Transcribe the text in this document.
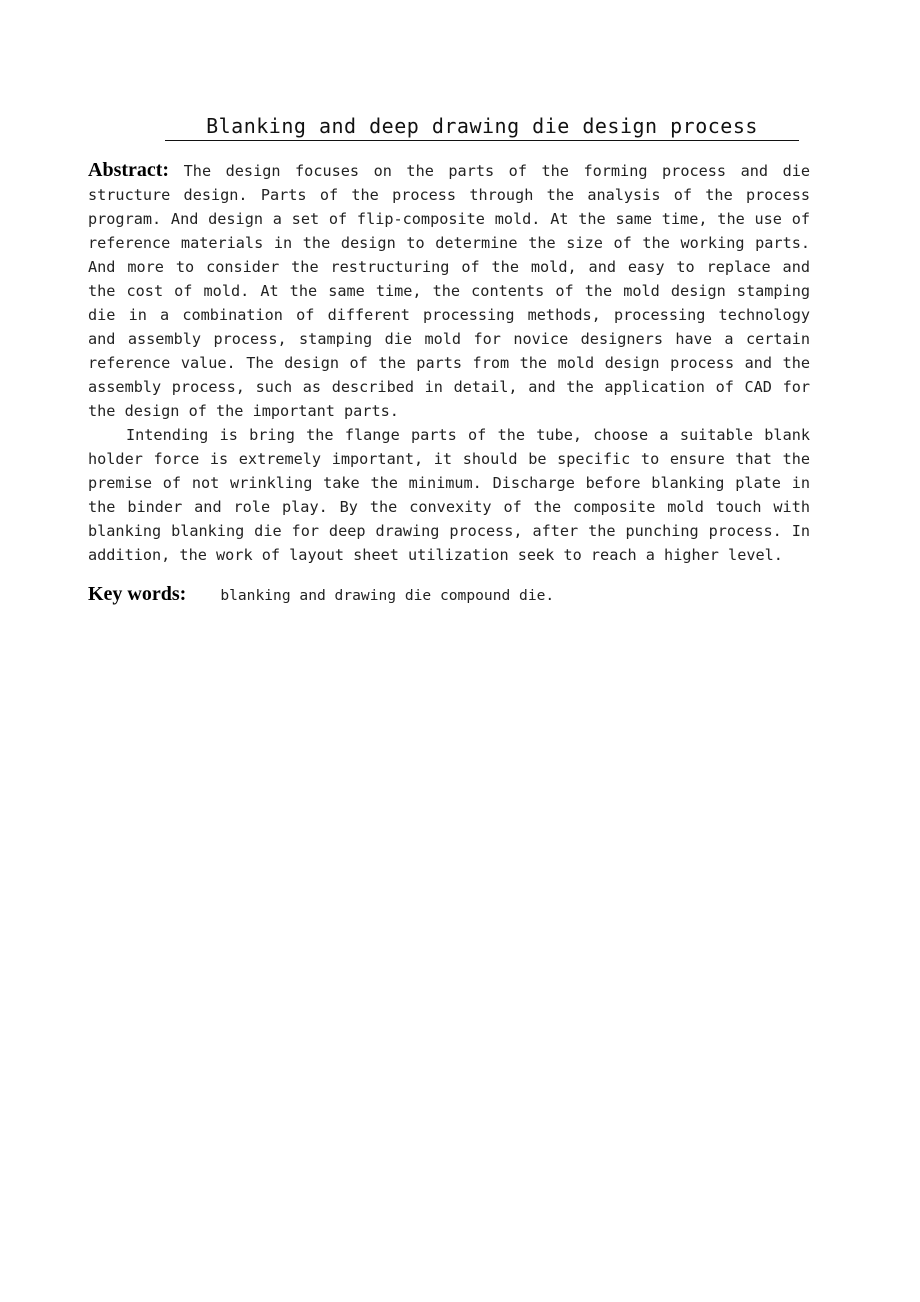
Blanking and deep drawing die design process

Abstract: The design focuses on the parts of the forming process and die structure design. Parts of the process through the analysis of the process program. And design a set of flip-composite mold. At the same time, the use of reference materials in the design to determine the size of the working parts. And more to consider the restructuring of the mold, and easy to replace and the cost of mold. At the same time, the contents of the mold design stamping die in a combination of different processing methods, processing technology and assembly process, stamping die mold for novice designers have a certain reference value. The design of the parts from the mold design process and the assembly process, such as described in detail, and the application of CAD for the design of the important parts.

Intending is bring the flange parts of the tube, choose a suitable blank holder force is extremely important, it should be specific to ensure that the premise of not wrinkling take the minimum. Discharge before blanking plate in the binder and role play. By the convexity of the composite mold touch with blanking blanking die for deep drawing process, after the punching process. In addition, the work of layout sheet utilization seek to reach a higher level.

Key words: blanking and drawing die compound die.
